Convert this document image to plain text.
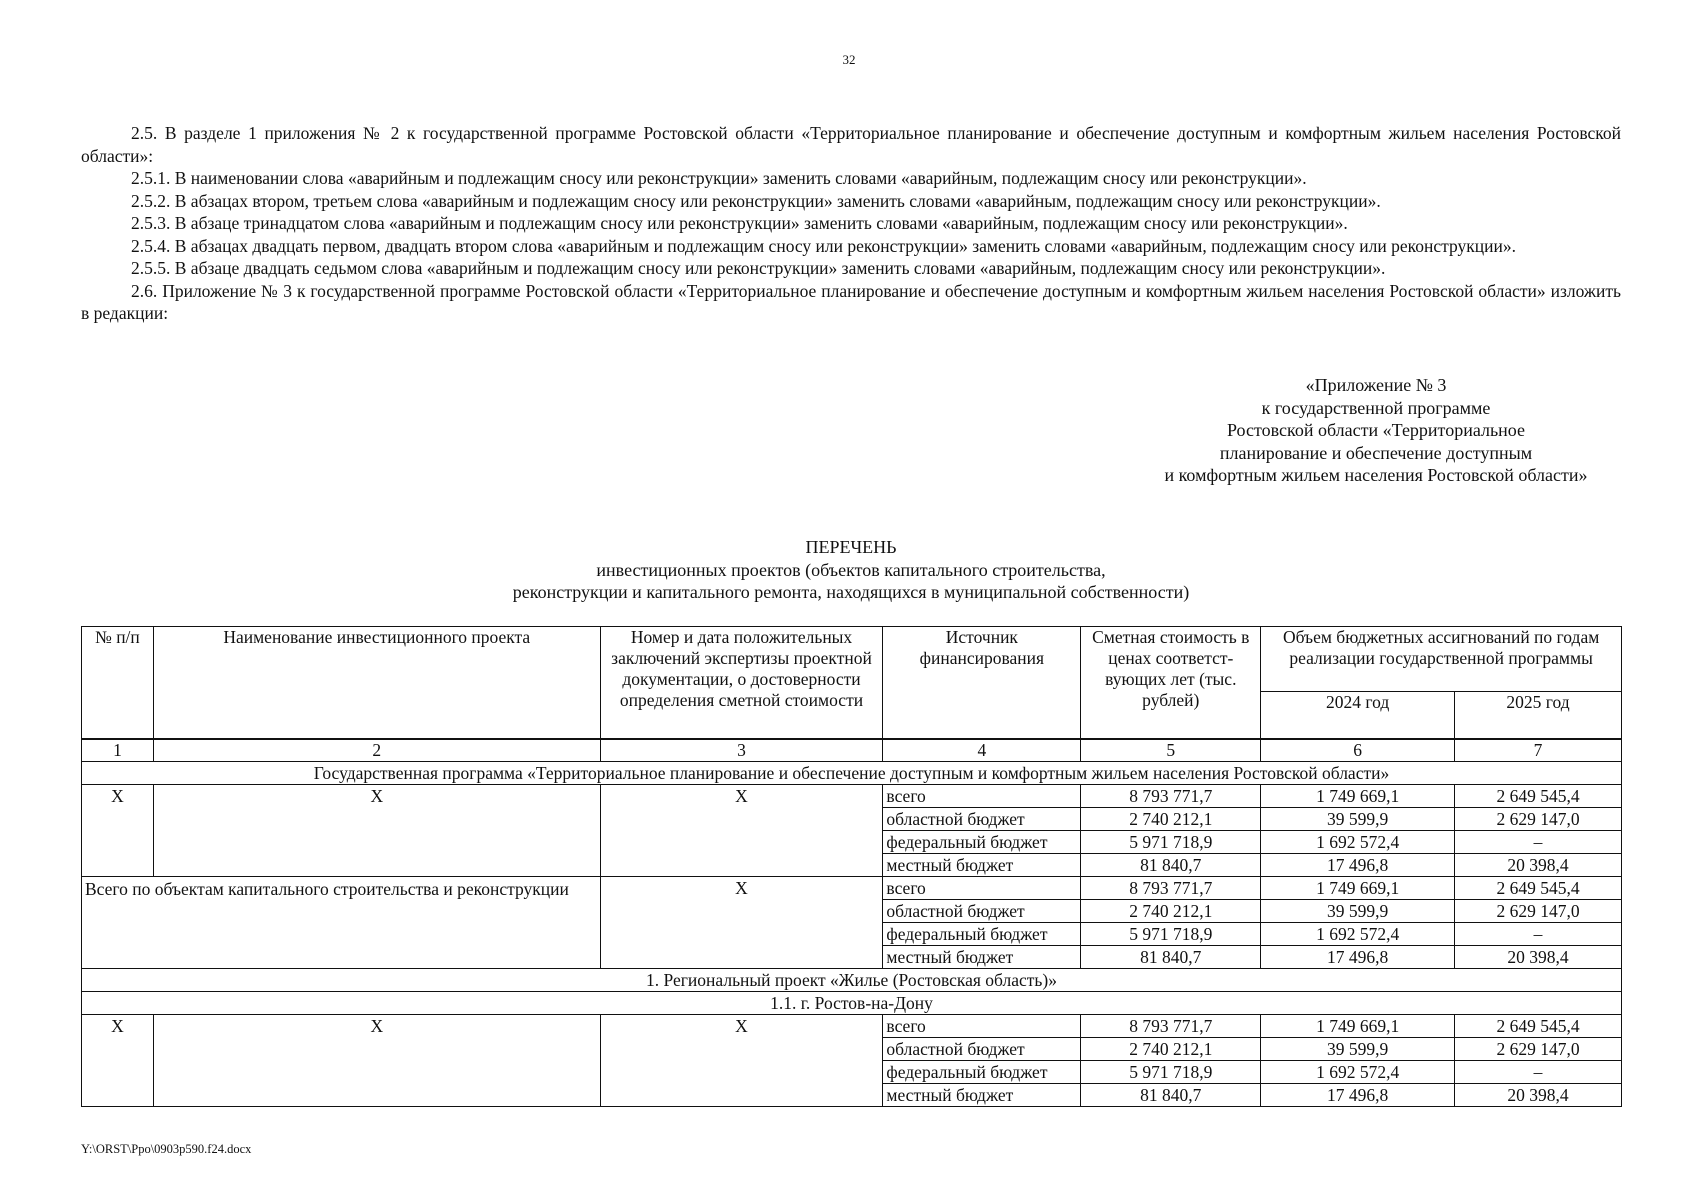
32

2.5. В разделе 1 приложения № 2 к государственной программе Ростовской области «Территориальное планирование и обеспечение доступным и комфортным жильем населения Ростовской области»:

2.5.1. В наименовании слова «аварийным и подлежащим сносу или реконструкции» заменить словами «аварийным, подлежащим сносу или реконструкции».

2.5.2. В абзацах втором, третьем слова «аварийным и подлежащим сносу или реконструкции» заменить словами «аварийным, подлежащим сносу или реконструкции».

2.5.3. В абзаце тринадцатом слова «аварийным и подлежащим сносу или реконструкции» заменить словами «аварийным, подлежащим сносу или реконструкции».

2.5.4. В абзацах двадцать первом, двадцать втором слова «аварийным и подлежащим сносу или реконструкции» заменить словами «аварийным, подлежащим сносу или реконструкции».

2.5.5. В абзаце двадцать седьмом слова «аварийным и подлежащим сносу или реконструкции» заменить словами «аварийным, подлежащим сносу или реконструкции».

2.6. Приложение № 3 к государственной программе Ростовской области «Территориальное планирование и обеспечение доступным и комфортным жильем населения Ростовской области» изложить в редакции:

«Приложение № 3
к государственной программе
Ростовской области «Территориальное
планирование и обеспечение доступным
и комфортным жильем населения Ростовской области»
ПЕРЕЧЕНЬ
инвестиционных проектов (объектов капитального строительства,
реконструкции и капитального ремонта, находящихся в муниципальной собственности)
№ п/п	Наименование инвестиционного проекта	Номер и дата положительных заключений экспертизы проектной документации, о достоверности определения сметной стоимости	Источник финансирования	Сметная стоимость в ценах соответст-вующих лет (тыс. рублей)	Объем бюджетных ассигнований по годам реализации государственной программы	
					2024 год	2025 год
1	2	3	4	5	6	7
Государственная программа «Территориальное планирование и обеспечение доступным и комфортным жильем населения Ростовской области»						
Х	Х	Х	всего	8 793 771,7	1 749 669,1	2 649 545,4
			областной бюджет	2 740 212,1	39 599,9	2 629 147,0
			федеральный бюджет	5 971 718,9	1 692 572,4	–
			местный бюджет	81 840,7	17 496,8	20 398,4
Всего по объектам капитального строительства и реконструкции		Х	всего	8 793 771,7	1 749 669,1	2 649 545,4
			областной бюджет	2 740 212,1	39 599,9	2 629 147,0
			федеральный бюджет	5 971 718,9	1 692 572,4	–
			местный бюджет	81 840,7	17 496,8	20 398,4
1. Региональный проект «Жилье (Ростовская область)»						
1.1. г. Ростов-на-Дону						
Х	Х	Х	всего	8 793 771,7	1 749 669,1	2 649 545,4
			областной бюджет	2 740 212,1	39 599,9	2 629 147,0
			федеральный бюджет	5 971 718,9	1 692 572,4	–
			местный бюджет	81 840,7	17 496,8	20 398,4
Y:\ORST\Ppo\0903p590.f24.docx
